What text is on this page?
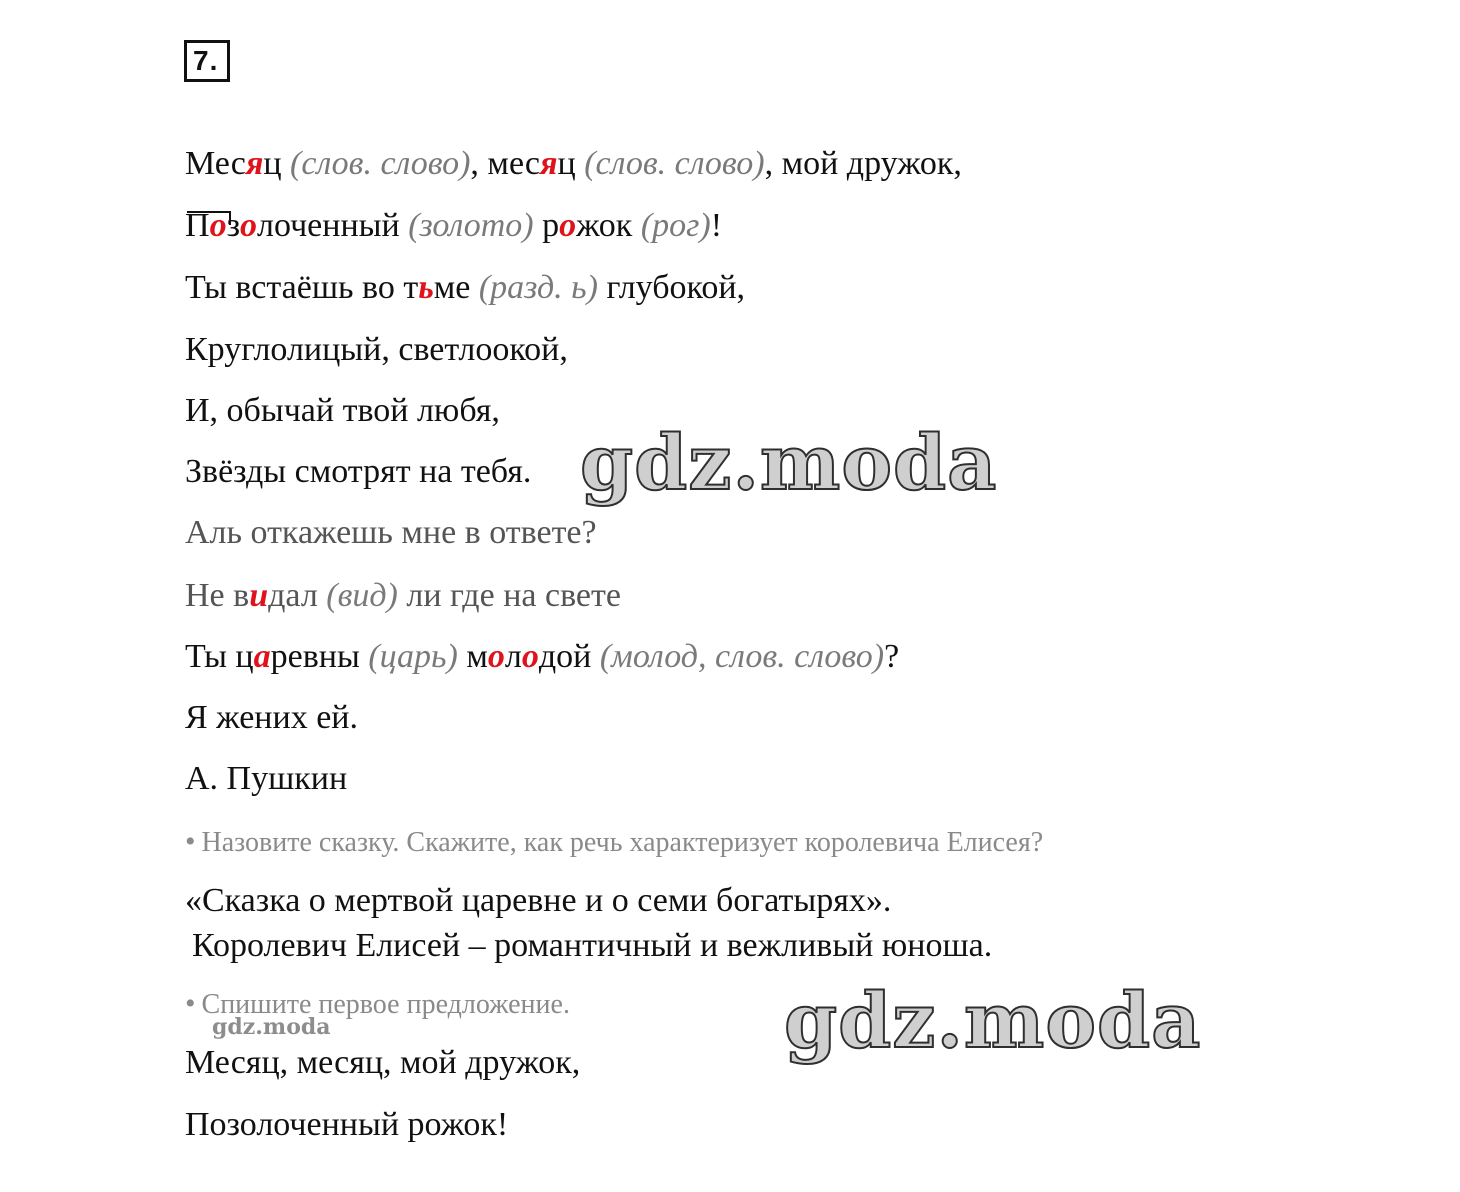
7.
Месяц (слов. слово), месяц (слов. слово), мой дружок,
Позолоченный (золото) рожок (рог)!
Ты встаёшь во тьме (разд. ь) глубокой,
Круглолицый, светлоокой,
И, обычай твой любя,
Звёзды смотрят на тебя.
Аль откажешь мне в ответе?
Не видал (вид) ли где на свете
Ты царевны (царь) молодой (молод, слов. слово)?
Я жених ей.
А. Пушкин
• Назовите сказку. Скажите, как речь характеризует королевича Елисея?
«Сказка о мертвой царевне и о семи богатырях».
Королевич Елисей – романтичный и вежливый юноша.
• Спишите первое предложение.
Месяц, месяц, мой дружок,
Позолоченный рожок!
gdz.moda
gdz.moda
gdz.moda
